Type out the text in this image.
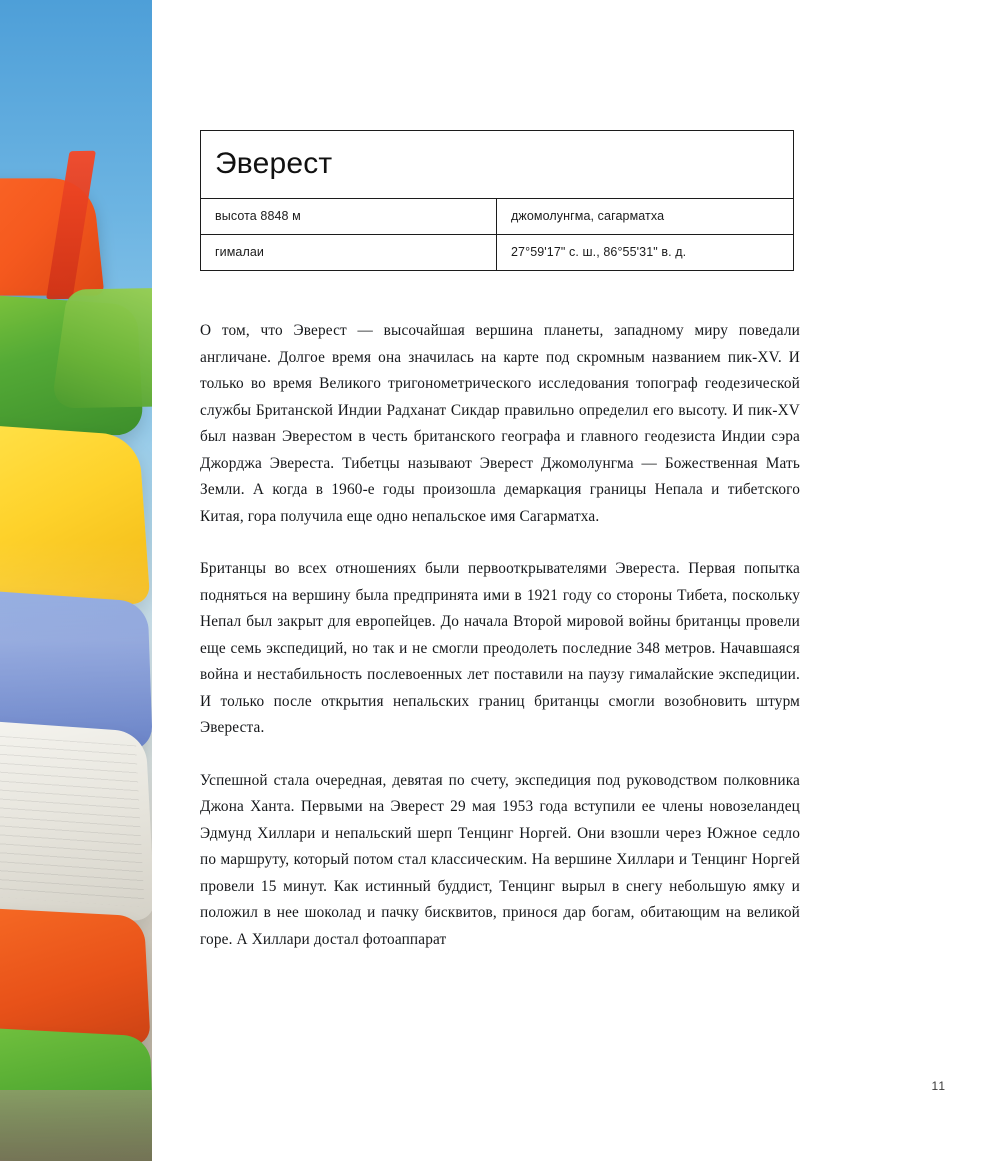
Эверест
высота 8848 м	джомолунгма, сагарматха
гималаи	27°59'17" с. ш., 86°55'31" в. д.

О том, что Эверест — высочайшая вершина планеты, западному миру поведали англичане. Долгое время она значилась на карте под скромным названием пик-XV. И только во время Великого тригонометрического исследования топограф геодезической службы Британской Индии Радханат Сикдар правильно определил его высоту. И пик-XV был назван Эверестом в честь британского географа и главного геодезиста Индии сэра Джорджа Эвереста. Тибетцы называют Эверест Джомолунгма — Божественная Мать Земли. А когда в 1960-е годы произошла демаркация границы Непала и тибетского Китая, гора получила еще одно непальское имя Сагарматха.

Британцы во всех отношениях были первооткрывателями Эвереста. Первая попытка подняться на вершину была предпринята ими в 1921 году со стороны Тибета, поскольку Непал был закрыт для европейцев. До начала Второй мировой войны британцы провели еще семь экспедиций, но так и не смогли преодолеть последние 348 метров. Начавшаяся война и нестабильность послевоенных лет поставили на паузу гималайские экспедиции. И только после открытия непальских границ британцы смогли возобновить штурм Эвереста.

Успешной стала очередная, девятая по счету, экспедиция под руководством полковника Джона Ханта. Первыми на Эверест 29 мая 1953 года вступили ее члены новозеландец Эдмунд Хиллари и непальский шерп Тенцинг Норгей. Они взошли через Южное седло по маршруту, который потом стал классическим. На вершине Хиллари и Тенцинг Норгей провели 15 минут. Как истинный буддист, Тенцинг вырыл в снегу небольшую ямку и положил в нее шоколад и пачку бисквитов, принося дар богам, обитающим на великой горе. А Хиллари достал фотоаппарат

11
